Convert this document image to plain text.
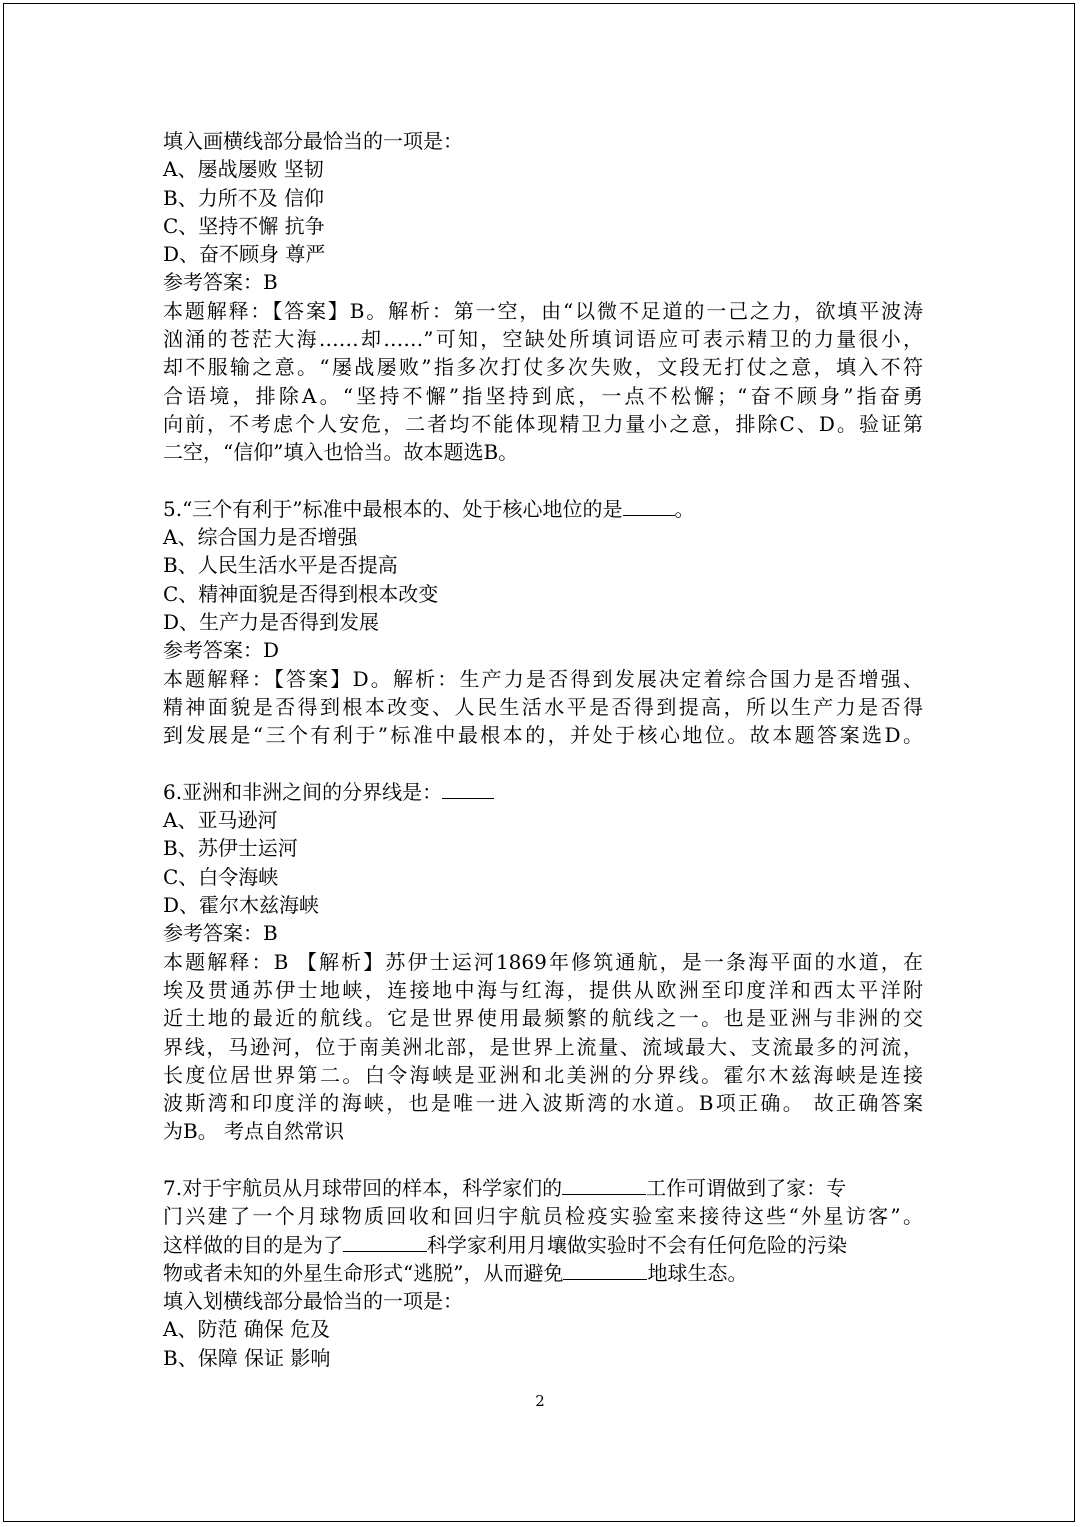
填入画横线部分最恰当的一项是：
A、屡战屡败 坚韧
B、力所不及 信仰
C、坚持不懈 抗争
D、奋不顾身 尊严
参考答案：B
本题解释：【答案】B。解析：第一空，由“以微不足道的一己之力，欲填平波涛
汹涌的苍茫大海……却……”可知，空缺处所填词语应可表示精卫的力量很小，
却不服输之意。“屡战屡败”指多次打仗多次失败，文段无打仗之意，填入不符
合语境，排除A。“坚持不懈”指坚持到底，一点不松懈；“奋不顾身”指奋勇
向前，不考虑个人安危，二者均不能体现精卫力量小之意，排除C、D。验证第
二空，“信仰”填入也恰当。故本题选B。
5.“三个有利于”标准中最根本的、处于核心地位的是	。
A、综合国力是否增强
B、人民生活水平是否提高
C、精神面貌是否得到根本改变
D、生产力是否得到发展
参考答案：D
本题解释：【答案】D。解析：生产力是否得到发展决定着综合国力是否增强、
精神面貌是否得到根本改变、人民生活水平是否得到提高，所以生产力是否得
到发展是“三个有利于”标准中最根本的，并处于核心地位。故本题答案选D。
6.亚洲和非洲之间的分界线是：
A、亚马逊河
B、苏伊士运河
C、白令海峡
D、霍尔木兹海峡
参考答案：B
本题解释：B 【解析】苏伊士运河1869年修筑通航，是一条海平面的水道，在
埃及贯通苏伊士地峡，连接地中海与红海，提供从欧洲至印度洋和西太平洋附
近土地的最近的航线。它是世界使用最频繁的航线之一。也是亚洲与非洲的交
界线，马逊河，位于南美洲北部，是世界上流量、流域最大、支流最多的河流，
长度位居世界第二。白令海峡是亚洲和北美洲的分界线。霍尔木兹海峡是连接
波斯湾和印度洋的海峡，也是唯一进入波斯湾的水道。B项正确。 故正确答案
为B。 考点自然常识
7.对于宇航员从月球带回的样本，科学家们的	工作可谓做到了家：专
门兴建了一个月球物质回收和回归宇航员检疫实验室来接待这些“外星访客”。
这样做的目的是为了	科学家利用月壤做实验时不会有任何危险的污染
物或者未知的外星生命形式“逃脱”，从而避免	地球生态。
填入划横线部分最恰当的一项是：
A、防范 确保 危及
B、保障 保证 影响
2
